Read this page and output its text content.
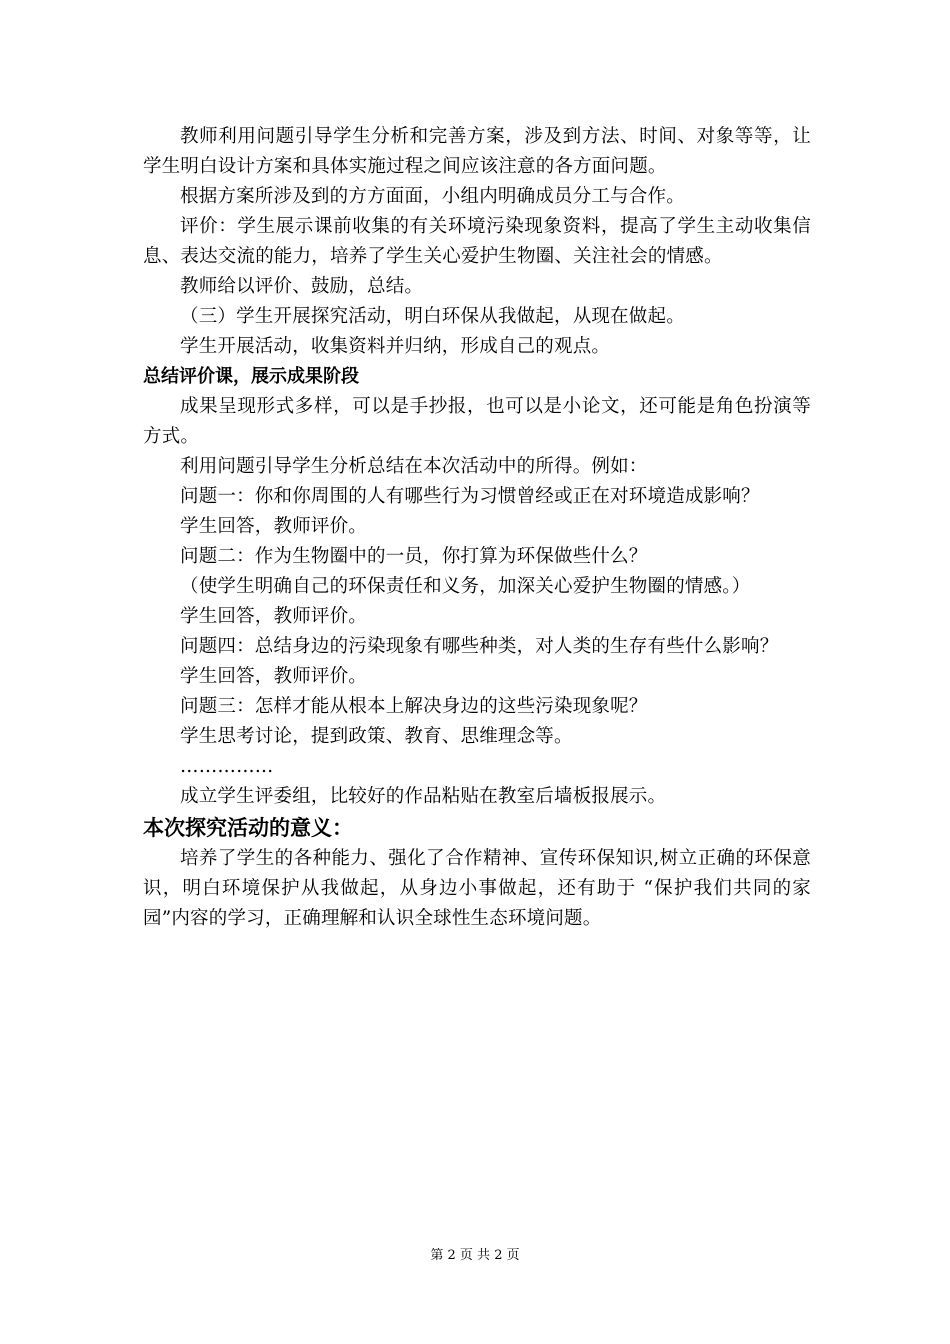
教师利用问题引导学生分析和完善方案，涉及到方法、时间、对象等等，让学生明白设计方案和具体实施过程之间应该注意的各方面问题。

根据方案所涉及到的方方面面，小组内明确成员分工与合作。

评价：学生展示课前收集的有关环境污染现象资料，提高了学生主动收集信息、表达交流的能力，培养了学生关心爱护生物圈、关注社会的情感。

教师给以评价、鼓励，总结。

（三）学生开展探究活动，明白环保从我做起，从现在做起。

学生开展活动，收集资料并归纳，形成自己的观点。

总结评价课，展示成果阶段

成果呈现形式多样，可以是手抄报，也可以是小论文，还可能是角色扮演等方式。

利用问题引导学生分析总结在本次活动中的所得。例如：

问题一：你和你周围的人有哪些行为习惯曾经或正在对环境造成影响？

学生回答，教师评价。

问题二：作为生物圈中的一员，你打算为环保做些什么？

（使学生明确自己的环保责任和义务，加深关心爱护生物圈的情感。）

学生回答，教师评价。

问题四：总结身边的污染现象有哪些种类，对人类的生存有些什么影响？

学生回答，教师评价。

问题三：怎样才能从根本上解决身边的这些污染现象呢？

学生思考讨论，提到政策、教育、思维理念等。

……………

成立学生评委组，比较好的作品粘贴在教室后墙板报展示。

本次探究活动的意义：

培养了学生的各种能力、强化了合作精神、宣传环保知识,树立正确的环保意识，明白环境保护从我做起，从身边小事做起，还有助于 “保护我们共同的家园”内容的学习，正确理解和认识全球性生态环境问题。

第 2 页 共 2 页
